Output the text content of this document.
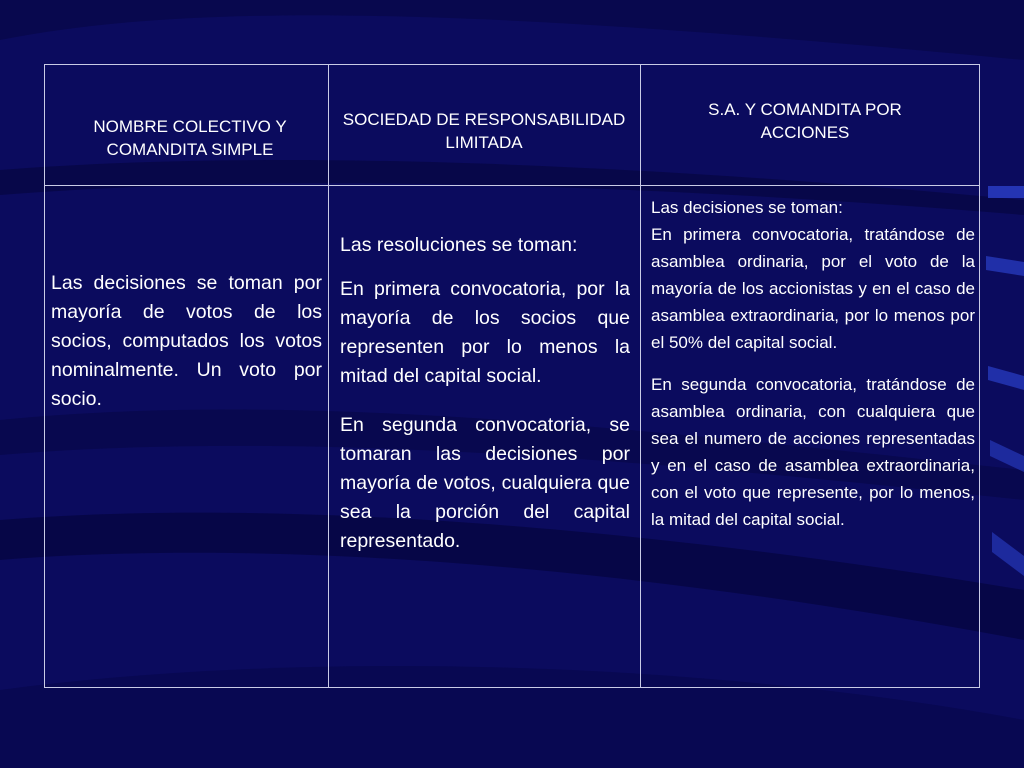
NOMBRE COLECTIVO Y COMANDITA SIMPLE
SOCIEDAD DE RESPONSABILIDAD LIMITADA
S.A. Y COMANDITA POR ACCIONES

Las decisiones se toman por mayoría de votos de los socios, computados los votos nominalmente. Un voto por socio.

Las resoluciones se toman:

En primera convocatoria, por la mayoría de los socios que representen por lo menos la mitad del capital social.

En segunda convocatoria, se tomaran las decisiones por mayoría de votos, cualquiera que sea la porción del capital representado.

Las decisiones se toman:

En primera convocatoria, tratándose de asamblea ordinaria, por el voto de la mayoría de los accionistas y en el caso de asamblea extraordinaria, por lo menos por el 50% del capital social.

En segunda convocatoria, tratándose de asamblea ordinaria, con cualquiera que sea el numero de acciones representadas y en el caso de asamblea extraordinaria, con el voto que represente, por lo menos, la mitad del capital social.
